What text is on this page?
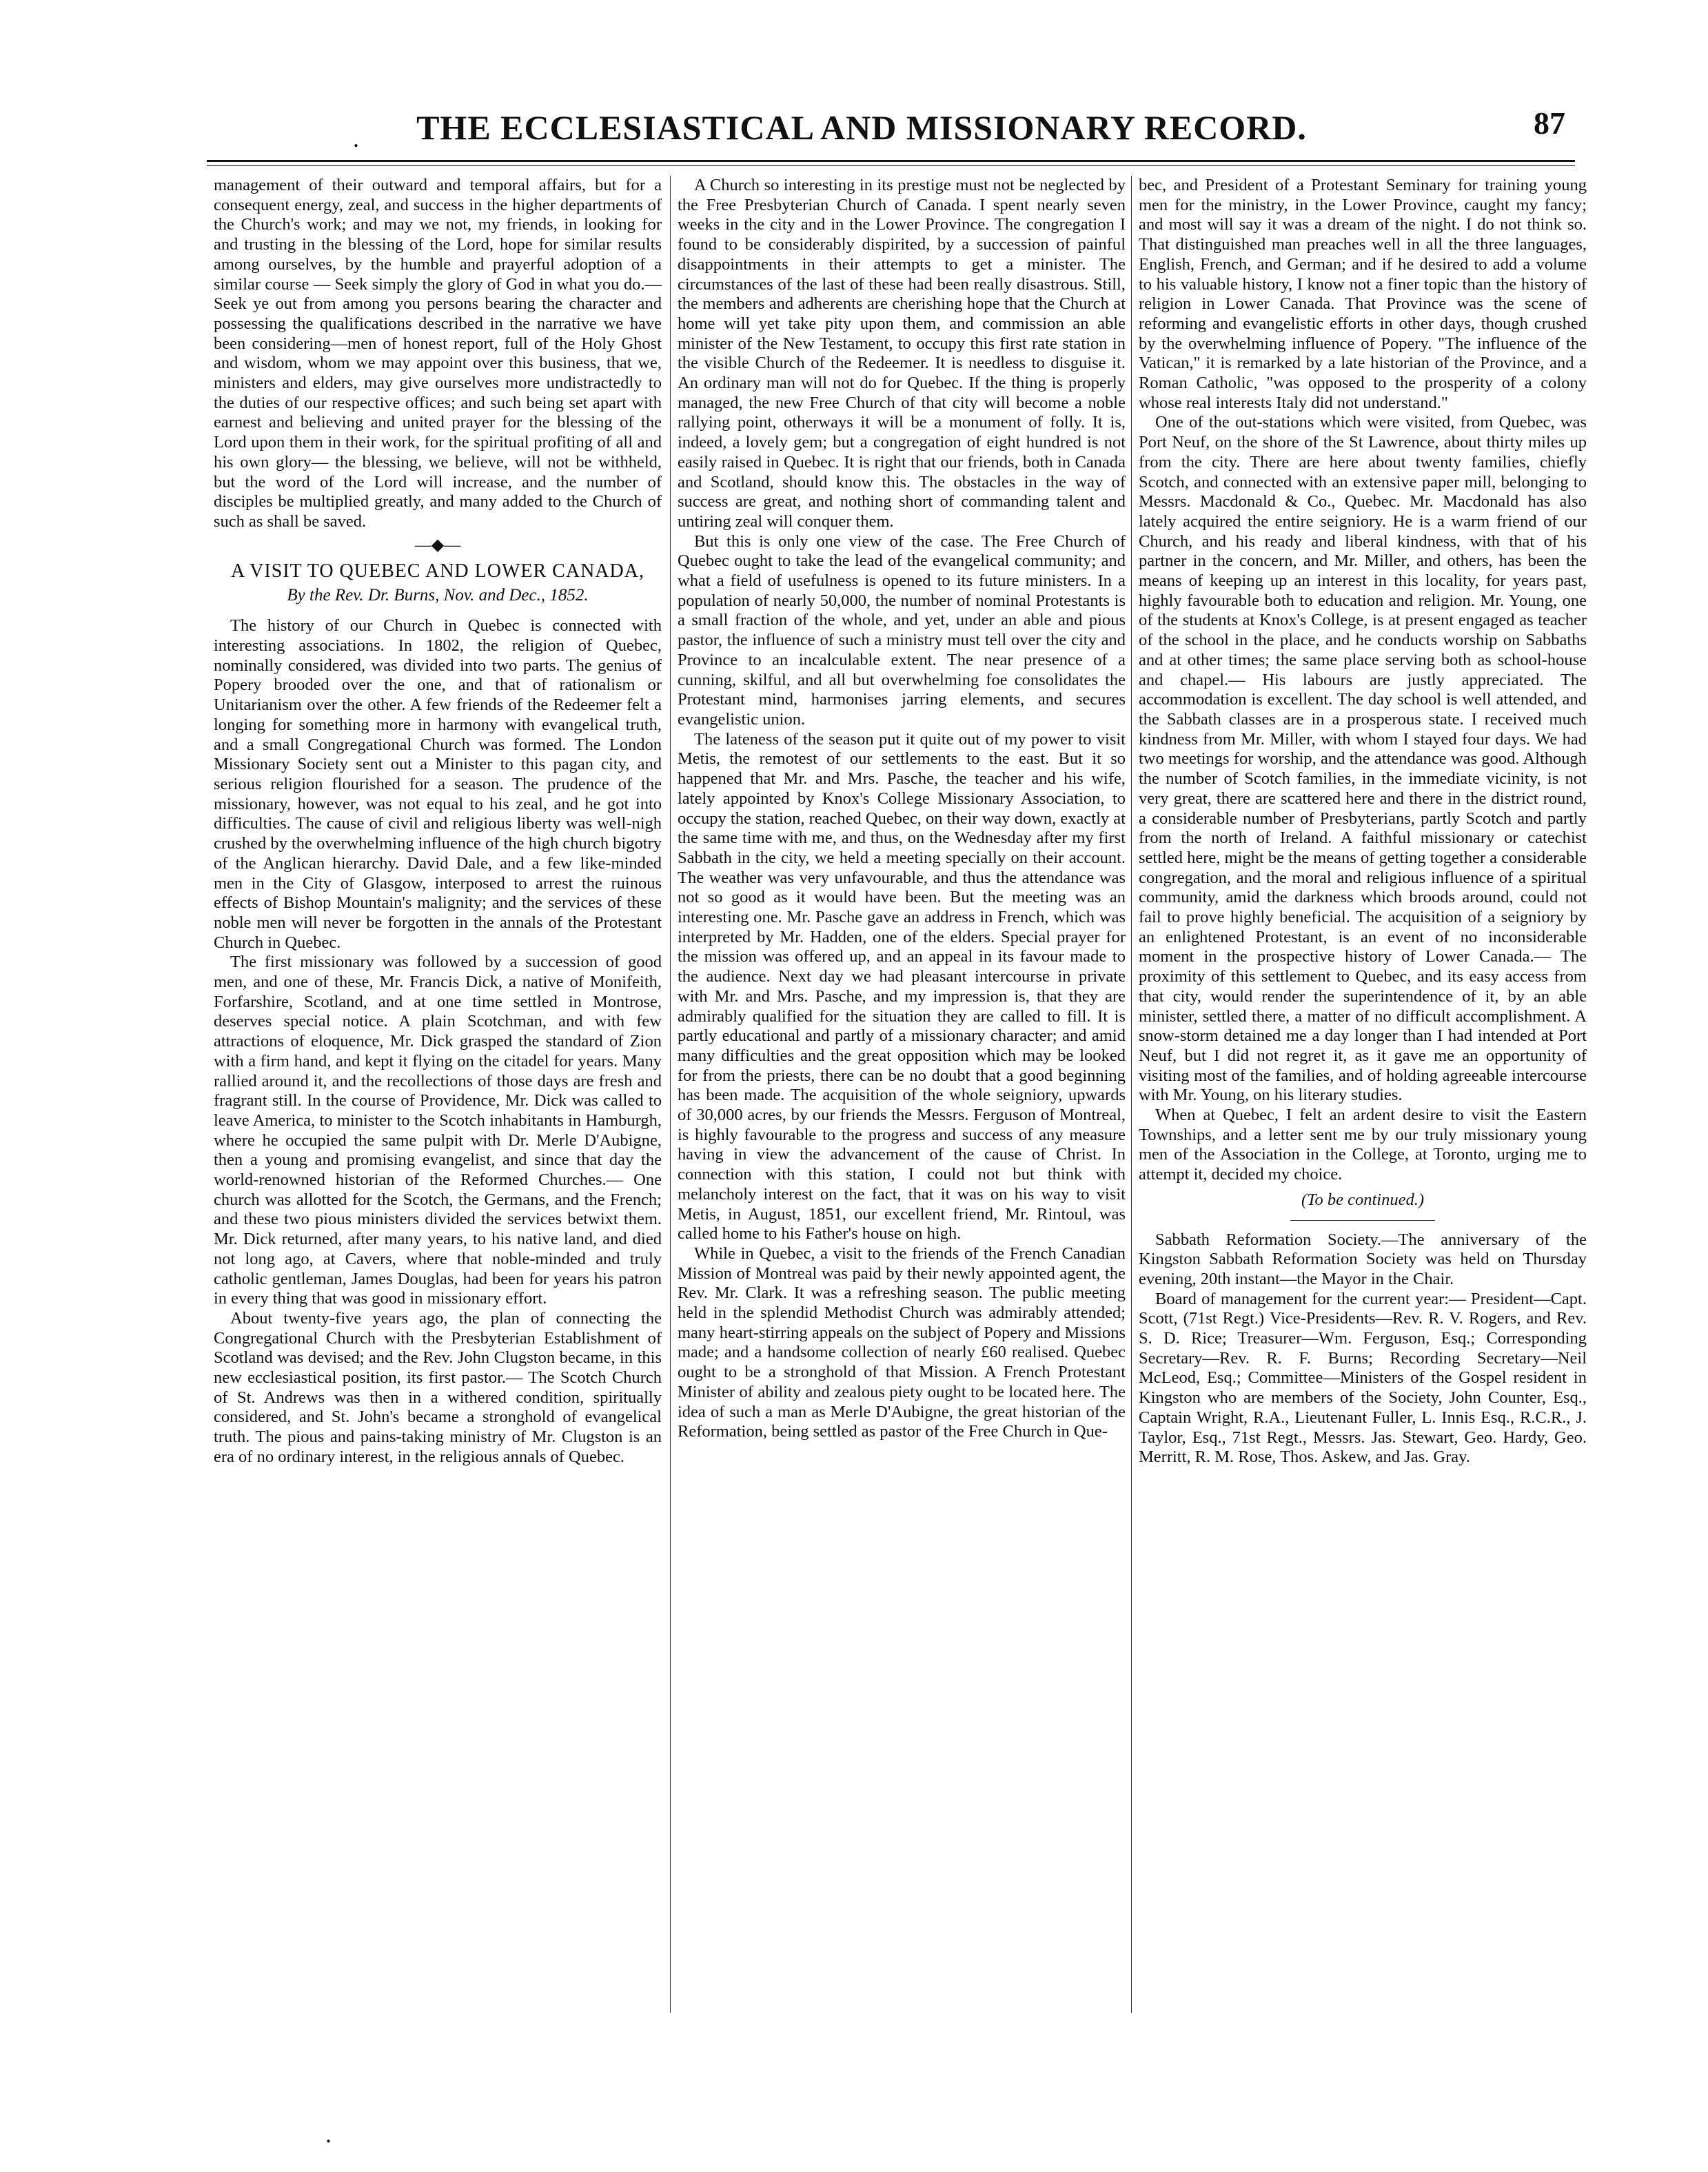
.	THE ECCLESIASTICAL AND MISSIONARY RECORD.	87

management of their outward and temporal affairs, but for a consequent energy, zeal, and success in the higher departments of the Church's work; and may we not, my friends, in looking for and trusting in the blessing of the Lord, hope for similar results among ourselves, by the humble and prayerful adoption of a similar course — Seek simply the glory of God in what you do.— Seek ye out from among you persons bearing the character and possessing the qualifications described in the narrative we have been considering—men of honest report, full of the Holy Ghost and wisdom, whom we may appoint over this business, that we, ministers and elders, may give ourselves more undistractedly to the duties of our respective offices; and such being set apart with earnest and believing and united prayer for the blessing of the Lord upon them in their work, for the spiritual profiting of all and his own glory— the blessing, we believe, will not be withheld, but the word of the Lord will increase, and the number of disciples be multiplied greatly, and many added to the Church of such as shall be saved.

—◆—
A VISIT TO QUEBEC AND LOWER CANADA,
By the Rev. Dr. Burns, Nov. and Dec., 1852.

The history of our Church in Quebec is connected with interesting associations. In 1802, the religion of Quebec, nominally considered, was divided into two parts. The genius of Popery brooded over the one, and that of rationalism or Unitarianism over the other. A few friends of the Redeemer felt a longing for something more in harmony with evangelical truth, and a small Congregational Church was formed. The London Missionary Society sent out a Minister to this pagan city, and serious religion flourished for a season. The prudence of the missionary, however, was not equal to his zeal, and he got into difficulties. The cause of civil and religious liberty was well-nigh crushed by the overwhelming influence of the high church bigotry of the Anglican hierarchy. David Dale, and a few like-minded men in the City of Glasgow, interposed to arrest the ruinous effects of Bishop Mountain's malignity; and the services of these noble men will never be forgotten in the annals of the Protestant Church in Quebec.

The first missionary was followed by a succession of good men, and one of these, Mr. Francis Dick, a native of Monifeith, Forfarshire, Scotland, and at one time settled in Montrose, deserves special notice. A plain Scotchman, and with few attractions of eloquence, Mr. Dick grasped the standard of Zion with a firm hand, and kept it flying on the citadel for years. Many rallied around it, and the recollections of those days are fresh and fragrant still. In the course of Providence, Mr. Dick was called to leave America, to minister to the Scotch inhabitants in Hamburgh, where he occupied the same pulpit with Dr. Merle D'Aubigne, then a young and promising evangelist, and since that day the world-renowned historian of the Reformed Churches.— One church was allotted for the Scotch, the Germans, and the French; and these two pious ministers divided the services betwixt them. Mr. Dick returned, after many years, to his native land, and died not long ago, at Cavers, where that noble-minded and truly catholic gentleman, James Douglas, had been for years his patron in every thing that was good in missionary effort.

About twenty-five years ago, the plan of connecting the Congregational Church with the Presbyterian Establishment of Scotland was devised; and the Rev. John Clugston became, in this new ecclesiastical position, its first pastor.— The Scotch Church of St. Andrews was then in a withered condition, spiritually considered, and St. John's became a stronghold of evangelical truth. The pious and pains-taking ministry of Mr. Clugston is an era of no ordinary interest, in the religious annals of Quebec.

A Church so interesting in its prestige must not be neglected by the Free Presbyterian Church of Canada. I spent nearly seven weeks in the city and in the Lower Province. The congregation I found to be considerably dispirited, by a succession of painful disappointments in their attempts to get a minister. The circumstances of the last of these had been really disastrous. Still, the members and adherents are cherishing hope that the Church at home will yet take pity upon them, and commission an able minister of the New Testament, to occupy this first rate station in the visible Church of the Redeemer. It is needless to disguise it. An ordinary man will not do for Quebec. If the thing is properly managed, the new Free Church of that city will become a noble rallying point, otherways it will be a monument of folly. It is, indeed, a lovely gem; but a congregation of eight hundred is not easily raised in Quebec. It is right that our friends, both in Canada and Scotland, should know this. The obstacles in the way of success are great, and nothing short of commanding talent and untiring zeal will conquer them.

But this is only one view of the case. The Free Church of Quebec ought to take the lead of the evangelical community; and what a field of usefulness is opened to its future ministers. In a population of nearly 50,000, the number of nominal Protestants is a small fraction of the whole, and yet, under an able and pious pastor, the influence of such a ministry must tell over the city and Province to an incalculable extent. The near presence of a cunning, skilful, and all but overwhelming foe consolidates the Protestant mind, harmonises jarring elements, and secures evangelistic union.

The lateness of the season put it quite out of my power to visit Metis, the remotest of our settlements to the east. But it so happened that Mr. and Mrs. Pasche, the teacher and his wife, lately appointed by Knox's College Missionary Association, to occupy the station, reached Quebec, on their way down, exactly at the same time with me, and thus, on the Wednesday after my first Sabbath in the city, we held a meeting specially on their account. The weather was very unfavourable, and thus the attendance was not so good as it would have been. But the meeting was an interesting one. Mr. Pasche gave an address in French, which was interpreted by Mr. Hadden, one of the elders. Special prayer for the mission was offered up, and an appeal in its favour made to the audience. Next day we had pleasant intercourse in private with Mr. and Mrs. Pasche, and my impression is, that they are admirably qualified for the situation they are called to fill. It is partly educational and partly of a missionary character; and amid many difficulties and the great opposition which may be looked for from the priests, there can be no doubt that a good beginning has been made. The acquisition of the whole seigniory, upwards of 30,000 acres, by our friends the Messrs. Ferguson of Montreal, is highly favourable to the progress and success of any measure having in view the advancement of the cause of Christ. In connection with this station, I could not but think with melancholy interest on the fact, that it was on his way to visit Metis, in August, 1851, our excellent friend, Mr. Rintoul, was called home to his Father's house on high.

While in Quebec, a visit to the friends of the French Canadian Mission of Montreal was paid by their newly appointed agent, the Rev. Mr. Clark. It was a refreshing season. The public meeting held in the splendid Methodist Church was admirably attended; many heart-stirring appeals on the subject of Popery and Missions made; and a handsome collection of nearly £60 realised. Quebec ought to be a stronghold of that Mission. A French Protestant Minister of ability and zealous piety ought to be located here. The idea of such a man as Merle D'Aubigne, the great historian of the Reformation, being settled as pastor of the Free Church in Que-

bec, and President of a Protestant Seminary for training young men for the ministry, in the Lower Province, caught my fancy; and most will say it was a dream of the night. I do not think so. That distinguished man preaches well in all the three languages, English, French, and German; and if he desired to add a volume to his valuable history, I know not a finer topic than the history of religion in Lower Canada. That Province was the scene of reforming and evangelistic efforts in other days, though crushed by the overwhelming influence of Popery. "The influence of the Vatican," it is remarked by a late historian of the Province, and a Roman Catholic, "was opposed to the prosperity of a colony whose real interests Italy did not understand."

One of the out-stations which were visited, from Quebec, was Port Neuf, on the shore of the St Lawrence, about thirty miles up from the city. There are here about twenty families, chiefly Scotch, and connected with an extensive paper mill, belonging to Messrs. Macdonald & Co., Quebec. Mr. Macdonald has also lately acquired the entire seigniory. He is a warm friend of our Church, and his ready and liberal kindness, with that of his partner in the concern, and Mr. Miller, and others, has been the means of keeping up an interest in this locality, for years past, highly favourable both to education and religion. Mr. Young, one of the students at Knox's College, is at present engaged as teacher of the school in the place, and he conducts worship on Sabbaths and at other times; the same place serving both as school-house and chapel.— His labours are justly appreciated. The accommodation is excellent. The day school is well attended, and the Sabbath classes are in a prosperous state. I received much kindness from Mr. Miller, with whom I stayed four days. We had two meetings for worship, and the attendance was good. Although the number of Scotch families, in the immediate vicinity, is not very great, there are scattered here and there in the district round, a considerable number of Presbyterians, partly Scotch and partly from the north of Ireland. A faithful missionary or catechist settled here, might be the means of getting together a considerable congregation, and the moral and religious influence of a spiritual community, amid the darkness which broods around, could not fail to prove highly beneficial. The acquisition of a seigniory by an enlightened Protestant, is an event of no inconsiderable moment in the prospective history of Lower Canada.— The proximity of this settlement to Quebec, and its easy access from that city, would render the superintendence of it, by an able minister, settled there, a matter of no difficult accomplishment. A snow-storm detained me a day longer than I had intended at Port Neuf, but I did not regret it, as it gave me an opportunity of visiting most of the families, and of holding agreeable intercourse with Mr. Young, on his literary studies.

When at Quebec, I felt an ardent desire to visit the Eastern Townships, and a letter sent me by our truly missionary young men of the Association in the College, at Toronto, urging me to attempt it, decided my choice.

(To be continued.)

Sabbath Reformation Society.—The anniversary of the Kingston Sabbath Reformation Society was held on Thursday evening, 20th instant—the Mayor in the Chair.

Board of management for the current year:— President—Capt. Scott, (71st Regt.) Vice-Presidents—Rev. R. V. Rogers, and Rev. S. D. Rice; Treasurer—Wm. Ferguson, Esq.; Corresponding Secretary—Rev. R. F. Burns; Recording Secretary—Neil McLeod, Esq.; Committee—Ministers of the Gospel resident in Kingston who are members of the Society, John Counter, Esq., Captain Wright, R.A., Lieutenant Fuller, L. Innis Esq., R.C.R., J. Taylor, Esq., 71st Regt., Messrs. Jas. Stewart, Geo. Hardy, Geo. Merritt, R. M. Rose, Thos. Askew, and Jas. Gray.

.
